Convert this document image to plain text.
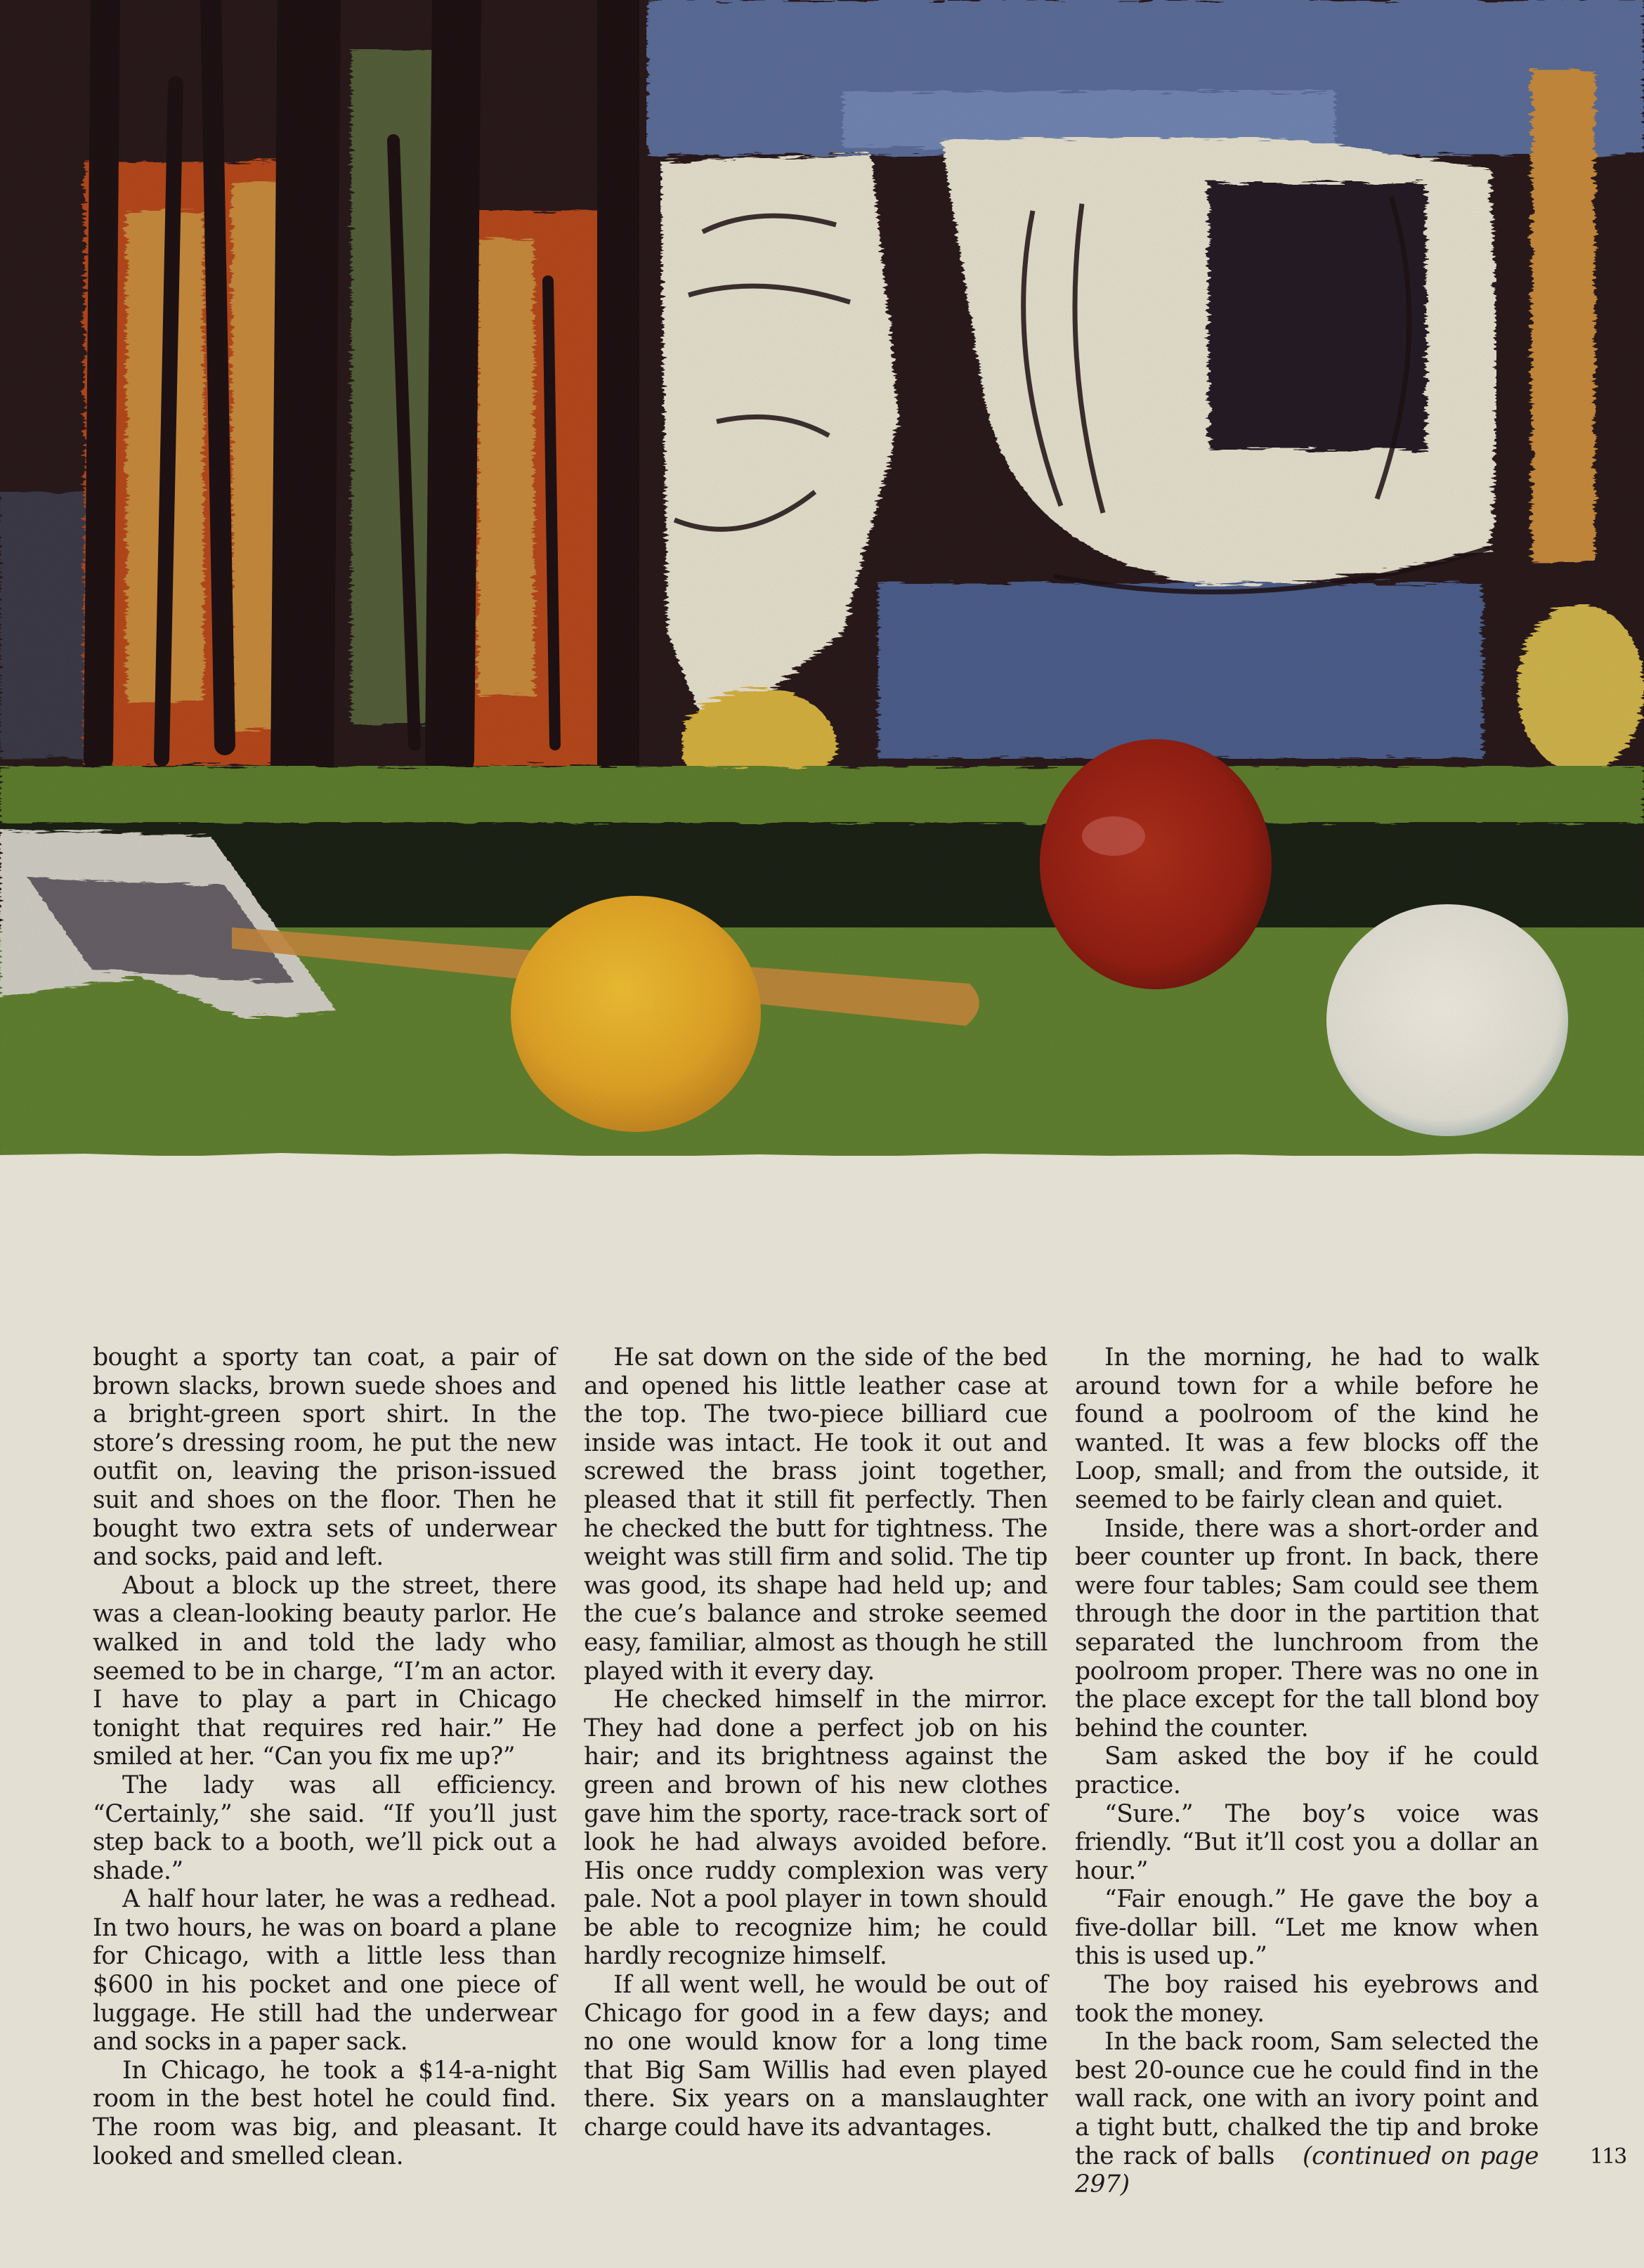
bought a sporty tan coat, a pair of brown slacks, brown suede shoes and a bright-green sport shirt. In the store’s dressing room, he put the new outfit on, leaving the prison-issued suit and shoes on the floor. Then he bought two extra sets of underwear and socks, paid and left.

About a block up the street, there was a clean-looking beauty parlor. He walked in and told the lady who seemed to be in charge, “I’m an actor. I have to play a part in Chicago tonight that requires red hair.” He smiled at her. “Can you fix me up?”

The lady was all efficiency. “Certainly,” she said. “If you’ll just step back to a booth, we’ll pick out a shade.”

A half hour later, he was a redhead. In two hours, he was on board a plane for Chicago, with a little less than $600 in his pocket and one piece of luggage. He still had the underwear and socks in a paper sack.

In Chicago, he took a $14-a-night room in the best hotel he could find. The room was big, and pleasant. It looked and smelled clean.

He sat down on the side of the bed and opened his little leather case at the top. The two-piece billiard cue inside was intact. He took it out and screwed the brass joint together, pleased that it still fit perfectly. Then he checked the butt for tightness. The weight was still firm and solid. The tip was good, its shape had held up; and the cue’s balance and stroke seemed easy, familiar, almost as though he still played with it every day.

He checked himself in the mirror. They had done a perfect job on his hair; and its brightness against the green and brown of his new clothes gave him the sporty, race-track sort of look he had always avoided before. His once ruddy complexion was very pale. Not a pool player in town should be able to recognize him; he could hardly recognize himself.

If all went well, he would be out of Chicago for good in a few days; and no one would know for a long time that Big Sam Willis had even played there. Six years on a manslaughter charge could have its advantages.

In the morning, he had to walk around town for a while before he found a poolroom of the kind he wanted. It was a few blocks off the Loop, small; and from the outside, it seemed to be fairly clean and quiet.

Inside, there was a short-order and beer counter up front. In back, there were four tables; Sam could see them through the door in the partition that separated the lunchroom from the poolroom proper. There was no one in the place except for the tall blond boy behind the counter.

Sam asked the boy if he could practice.

“Sure.” The boy’s voice was friendly. “But it’ll cost you a dollar an hour.”

“Fair enough.” He gave the boy a five-dollar bill. “Let me know when this is used up.”

The boy raised his eyebrows and took the money.

In the back room, Sam selected the best 20-ounce cue he could find in the wall rack, one with an ivory point and a tight butt, chalked the tip and broke the rack of balls (continued on page 297)

113
